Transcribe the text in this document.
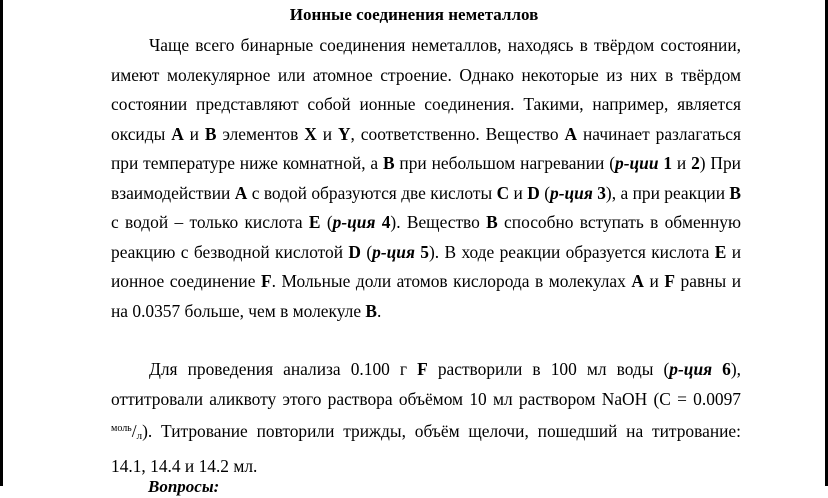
Ионные соединения неметаллов

Чаще всего бинарные соединения неметаллов, находясь в твёрдом состоянии, имеют молекулярное или атомное строение. Однако некоторые из них в твёрдом состоянии представляют собой ионные соединения. Такими, например, является оксиды A и B элементов X и Y, соответственно. Вещество A начинает разлагаться при температуре ниже комнатной, а B при небольшом нагревании (р-ции 1 и 2) При взаимодействии A с водой образуются две кислоты C и D (р-ция 3), а при реакции B с водой – только кислота E (р-ция 4). Вещество B способно вступать в обменную реакцию с безводной кислотой D (р-ция 5). В ходе реакции образуется кислота E и ионное соединение F. Мольные доли атомов кислорода в молекулах A и F равны и на 0.0357 больше, чем в молекуле B.

Для проведения анализа 0.100 г F растворили в 100 мл воды (р-ция 6), оттитровали аликвоту этого раствора объёмом 10 мл раствором NaOH (C = 0.0097 $^{моль}$/л). Титрование повторили трижды, объём щелочи, пошедший на титрование: 14.1, 14.4 и 14.2 мл.

Вопросы:
